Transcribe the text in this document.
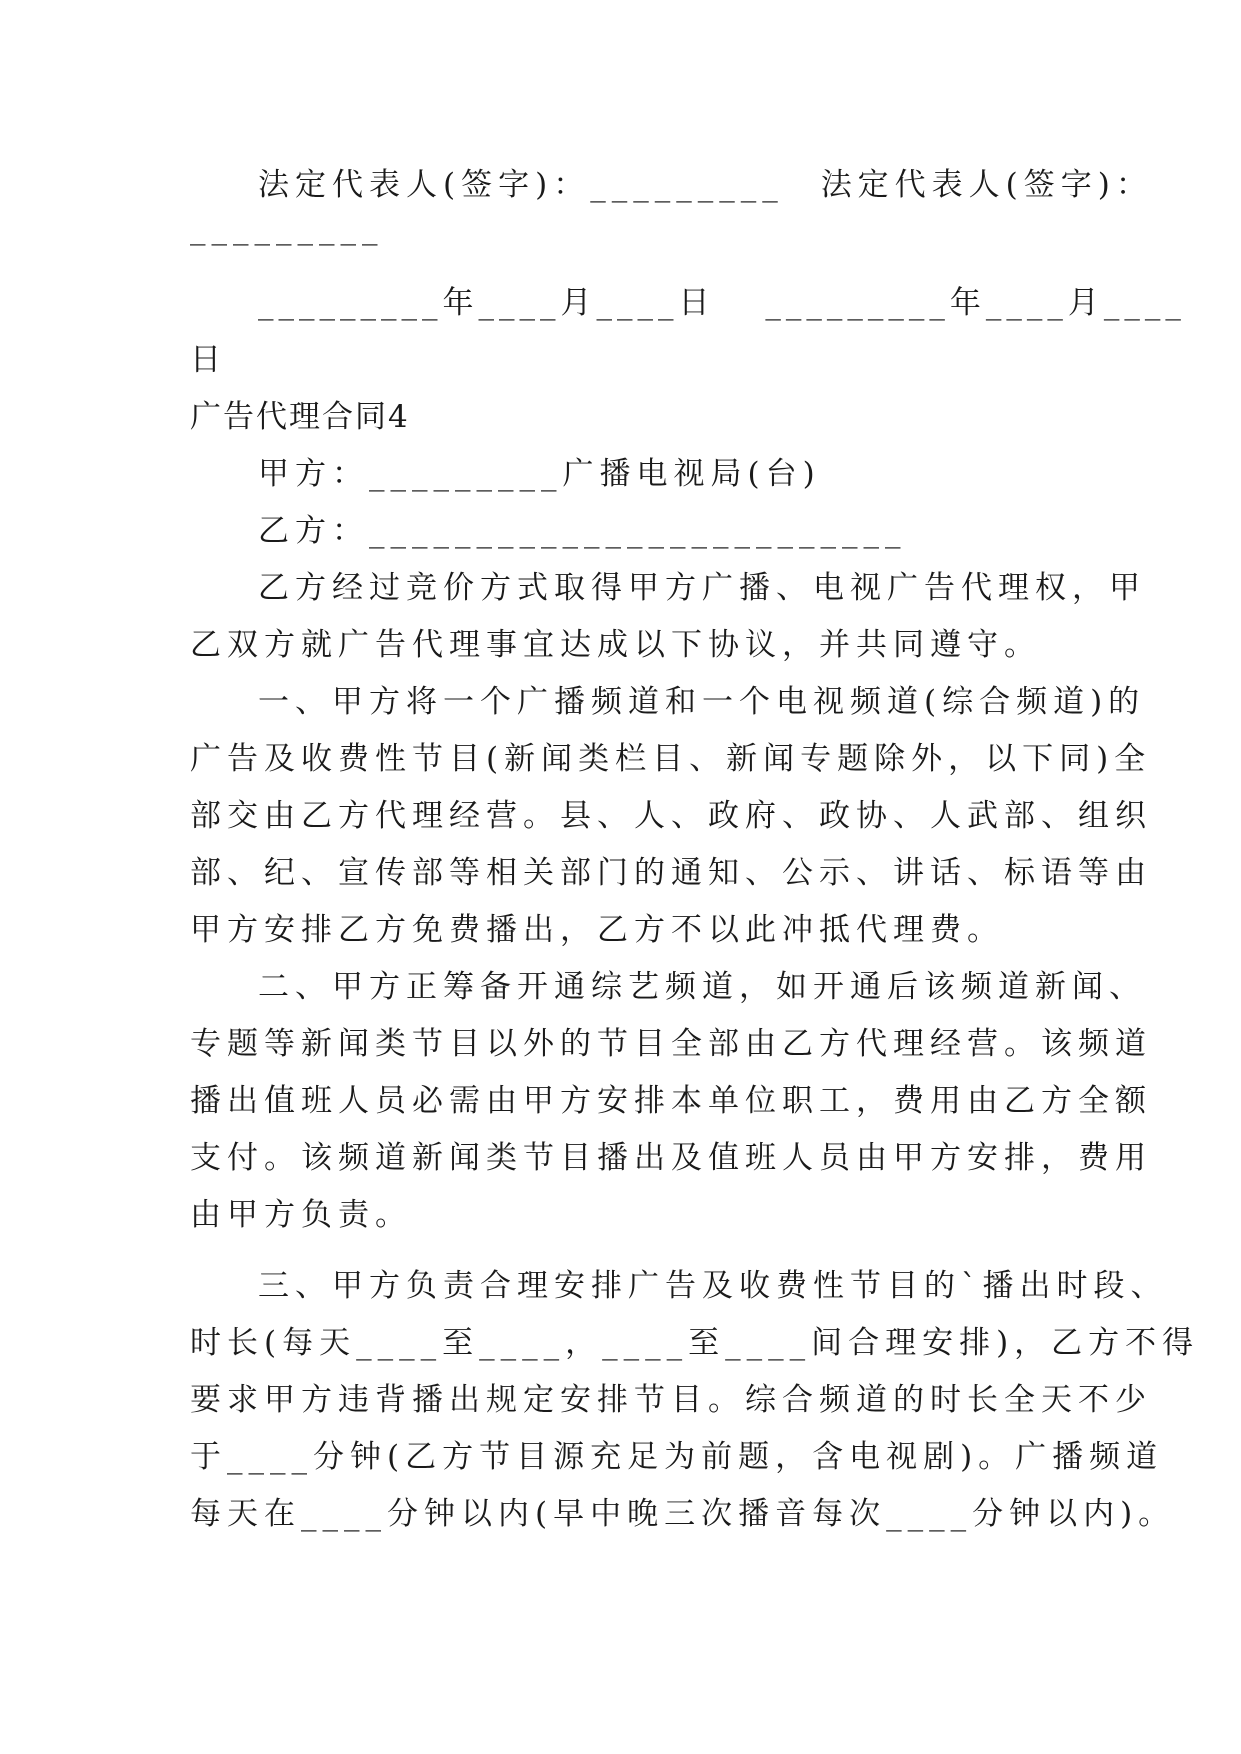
法定代表人(签字)：_________　法定代表人(签字)：
_________
_________年____月____日　 _________年____月____
日
广告代理合同4
甲方：_________广播电视局(台)
乙方：_________________________
乙方经过竞价方式取得甲方广播、电视广告代理权，甲
乙双方就广告代理事宜达成以下协议，并共同遵守。
一、甲方将一个广播频道和一个电视频道(综合频道)的
广告及收费性节目(新闻类栏目、新闻专题除外，以下同)全
部交由乙方代理经营。县、人、政府、政协、人武部、组织
部、纪、宣传部等相关部门的通知、公示、讲话、标语等由
甲方安排乙方免费播出，乙方不以此冲抵代理费。
二、甲方正筹备开通综艺频道，如开通后该频道新闻、
专题等新闻类节目以外的节目全部由乙方代理经营。该频道
播出值班人员必需由甲方安排本单位职工，费用由乙方全额
支付。该频道新闻类节目播出及值班人员由甲方安排，费用
由甲方负责。
三、甲方负责合理安排广告及收费性节目的`播出时段、
时长(每天____至____，____至____间合理安排)，乙方不得
要求甲方违背播出规定安排节目。综合频道的时长全天不少
于____分钟(乙方节目源充足为前题，含电视剧)。广播频道
每天在____分钟以内(早中晚三次播音每次____分钟以内)。
